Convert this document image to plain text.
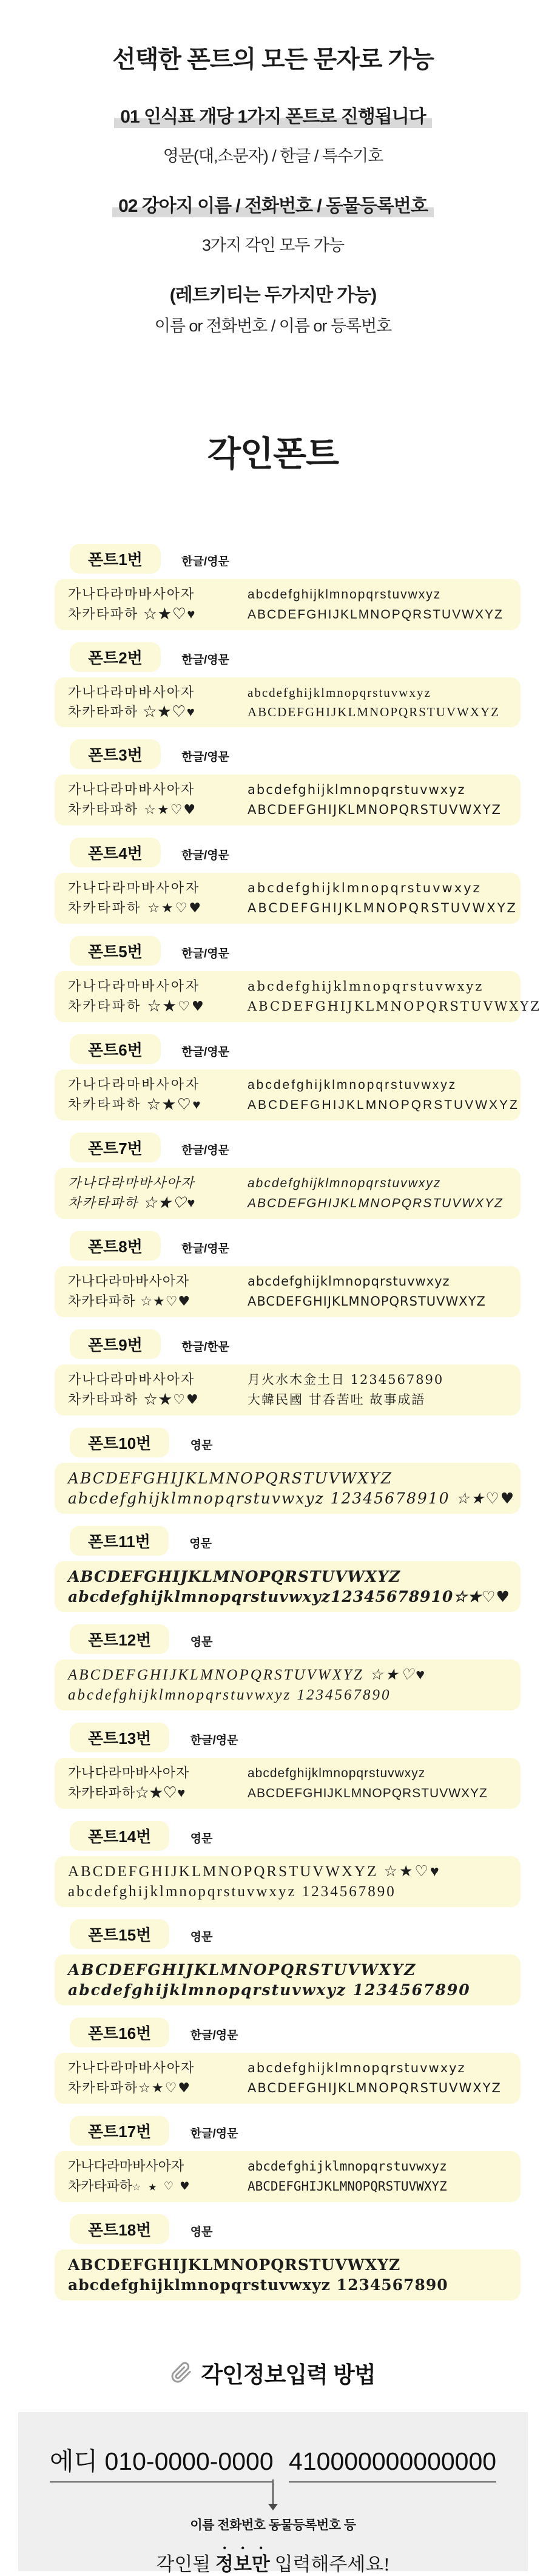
선택한 폰트의 모든 문자로 가능

01 인식표 개당 1가지 폰트로 진행됩니다

영문(대,소문자) / 한글 / 특수기호

02 강아지 이름 / 전화번호 / 동물등록번호

3가지 각인 모두 가능

(레트키티는 두가지만 가능)

이름 or 전화번호 / 이름 or 등록번호

각인폰트
폰트1번	한글/영문
가나다라마바사아자	abcdefghijklmnopqrstuvwxyz
차카타파하 ☆★♡♥	ABCDEFGHIJKLMNOPQRSTUVWXYZ
폰트2번	한글/영문
가나다라마바사아자	abcdefghijklmnopqrstuvwxyz
차카타파하 ☆★♡♥	ABCDEFGHIJKLMNOPQRSTUVWXYZ
폰트3번	한글/영문
가나다라마바사아자	abcdefghijklmnopqrstuvwxyz
차카타파하 ☆★♡♥	ABCDEFGHIJKLMNOPQRSTUVWXYZ
폰트4번	한글/영문
가나다라마바사아자	abcdefghijklmnopqrstuvwxyz
차카타파하 ☆★♡♥	ABCDEFGHIJKLMNOPQRSTUVWXYZ
폰트5번	한글/영문
가나다라마바사아자	abcdefghijklmnopqrstuvwxyz
차카타파하 ☆★♡♥	ABCDEFGHIJKLMNOPQRSTUVWXYZ
폰트6번	한글/영문
가나다라마바사아자	abcdefghijklmnopqrstuvwxyz
차카타파하 ☆★♡♥	ABCDEFGHIJKLMNOPQRSTUVWXYZ
폰트7번	한글/영문
가나다라마바사아자	abcdefghijklmnopqrstuvwxyz
차카타파하 ☆★♡♥	ABCDEFGHIJKLMNOPQRSTUVWXYZ
폰트8번	한글/영문
가나다라마바사아자	abcdefghijklmnopqrstuvwxyz
차카타파하 ☆★♡♥	ABCDEFGHIJKLMNOPQRSTUVWXYZ
폰트9번	한글/한문
가나다라마바사아자	月火水木金土日 1234567890
차카타파하 ☆★♡♥	大韓民國 甘呑苦吐 故事成語
폰트10번	영문
ABCDEFGHIJKLMNOPQRSTUVWXYZ
abcdefghijklmnopqrstuvwxyz 12345678910 ☆★♡♥
폰트11번	영문
ABCDEFGHIJKLMNOPQRSTUVWXYZ
abcdefghijklmnopqrstuvwxyz12345678910☆★♡♥
폰트12번	영문
ABCDEFGHIJKLMNOPQRSTUVWXYZ ☆★♡♥
abcdefghijklmnopqrstuvwxyz 1234567890
폰트13번	한글/영문
가나다라마바사아자	abcdefghijklmnopqrstuvwxyz
차카타파하☆★♡♥	ABCDEFGHIJKLMNOPQRSTUVWXYZ
폰트14번	영문
ABCDEFGHIJKLMNOPQRSTUVWXYZ ☆★♡♥
abcdefghijklmnopqrstuvwxyz 1234567890
폰트15번	영문
ABCDEFGHIJKLMNOPQRSTUVWXYZ
abcdefghijklmnopqrstuvwxyz 1234567890
폰트16번	한글/영문
가나다라마바사아자	abcdefghijklmnopqrstuvwxyz
차카타파하☆★♡♥	ABCDEFGHIJKLMNOPQRSTUVWXYZ
폰트17번	한글/영문
가나다라마바사아자	abcdefghijklmnopqrstuvwxyz
차카타파하☆ ★ ♡ ♥	ABCDEFGHIJKLMNOPQRSTUVWXYZ
폰트18번	영문
ABCDEFGHIJKLMNOPQRSTUVWXYZ
abcdefghijklmnopqrstuvwxyz 1234567890
각인정보입력 방법
에디 010-0000-0000 410000000000000
이름 전화번호 동물등록번호 등
각인될 정보만 입력해주세요!
